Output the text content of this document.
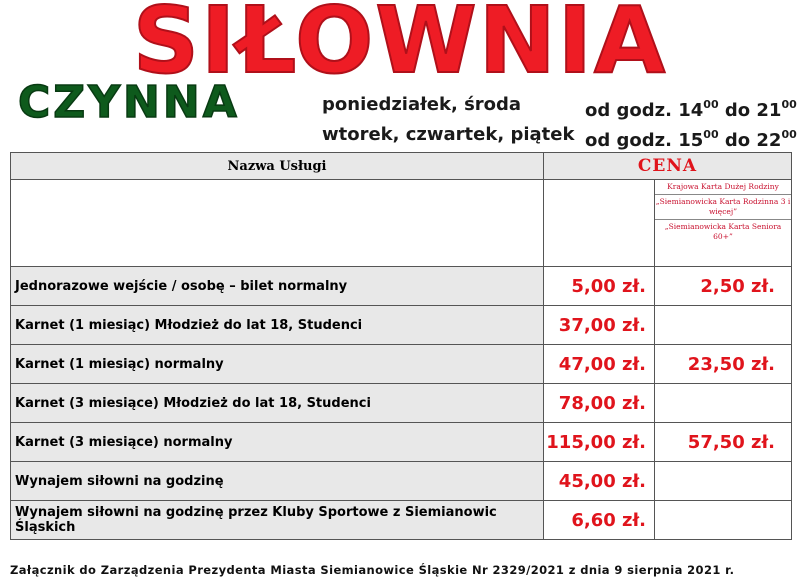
SIŁOWNIA
CZYNNA	poniedziałek, środa	od godz. $14^{00}$ do $21^{00}$
wtorek, czwartek, piątek od godz. $15^{00}$ do $22^{00}$
Nazwa Usługi	CENA	

		Krajowa Karta Dużej Rodziny
„Siemianowicka Karta Rodzinna 3 i więcej”
„Siemianowicka Karta Seniora 60+”

Jednorazowe wejście / osobę – bilet normalny	5,00 zł.	2,50 zł.
Karnet (1 miesiąc) Młodzież do lat 18, Studenci	37,00 zł.	
Karnet (1 miesiąc) normalny	47,00 zł.	23,50 zł.
Karnet (3 miesiące) Młodzież do lat 18, Studenci	78,00 zł.	
Karnet (3 miesiące) normalny	115,00 zł.	57,50 zł.
Wynajem siłowni na godzinę	45,00 zł.	
Wynajem siłowni na godzinę przez Kluby Sportowe z Siemianowic Śląskich	6,60 zł.	
Załącznik do Zarządzenia Prezydenta Miasta Siemianowice Śląskie Nr 2329/2021 z dnia 9 sierpnia 2021 r.
